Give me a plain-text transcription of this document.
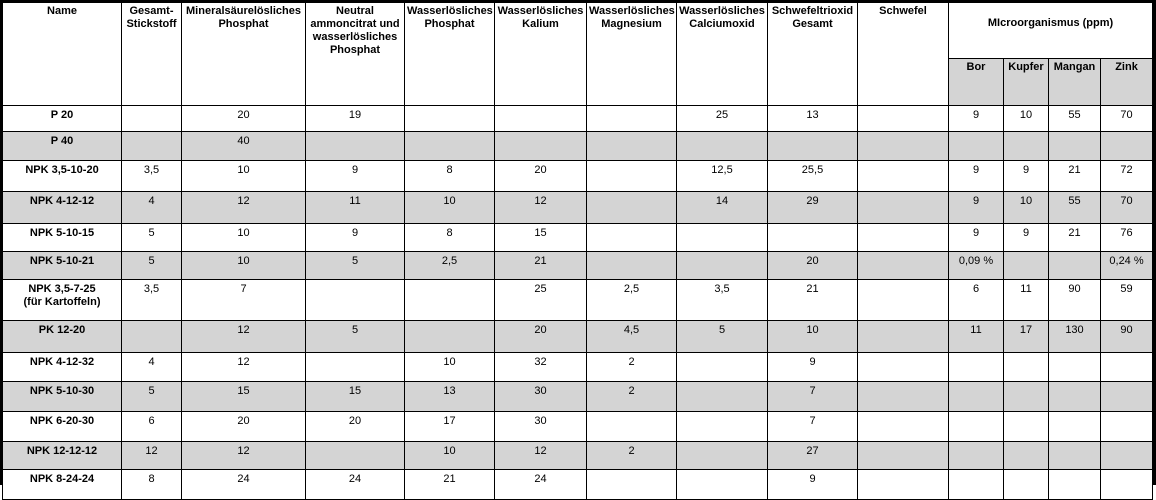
Name	Gesamt-Stickstoff	Mineralsäurelösliches Phosphat	Neutral ammoncitrat und wasserlösliches Phosphat	Wasserlösliches Phosphat	Wasserlösliches Kalium	Wasserlösliches Magnesium	Wasserlösliches Calciumoxid	Schwefeltrioxid Gesamt	Schwefel	MIcroorganismus (ppm)			
										Bor	Kupfer	Mangan	Zink

P 20		20	19				25	13		9	10	55	70

P 40		40											

NPK 3,5-10-20	3,5	10	9	8	20		12,5	25,5		9	9	21	72

NPK 4-12-12	4	12	11	10	12		14	29		9	10	55	70

NPK 5-10-15	5	10	9	8	15					9	9	21	76

NPK 5-10-21	5	10	5	2,5	21			20		0,09 %			0,24 %

NPK 3,5-7-25
(für Kartoffeln)	3,5	7			25	2,5	3,5	21		6	11	90	59

PK 12-20		12	5		20	4,5	5	10		11	17	130	90

NPK 4-12-32	4	12		10	32	2		9					

NPK 5-10-30	5	15	15	13	30	2		7					

NPK 6-20-30	6	20	20	17	30			7					

NPK 12-12-12	12	12		10	12	2		27					

NPK 8-24-24	8	24	24	21	24			9					
